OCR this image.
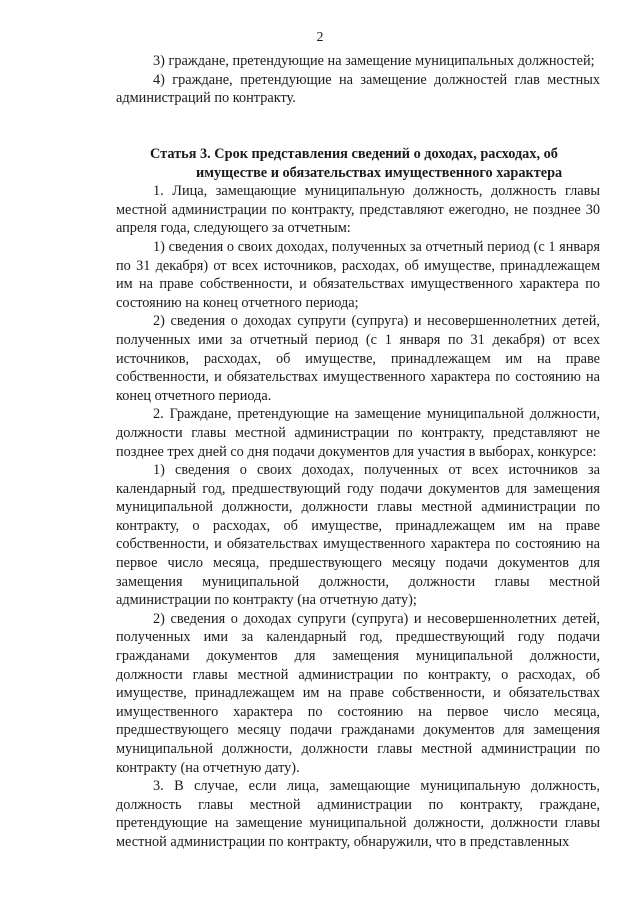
2

3) граждане, претендующие на замещение муниципальных должностей;

4) граждане, претендующие на замещение должностей глав местных администраций по контракту.

Статья 3. Срок представления сведений о доходах, расходах, об
имуществе и обязательствах имущественного характера

1. Лица, замещающие муниципальную должность, должность главы местной администрации по контракту, представляют ежегодно, не позднее 30 апреля года, следующего за отчетным:

1) сведения о своих доходах, полученных за отчетный период (с 1 января по 31 декабря) от всех источников, расходах, об имуществе, принадлежащем им на праве собственности, и обязательствах имущественного характера по состоянию на конец отчетного периода;

2) сведения о доходах супруги (супруга) и несовершеннолетних детей, полученных ими за отчетный период (с 1 января по 31 декабря) от всех источников, расходах, об имуществе, принадлежащем им на праве собственности, и обязательствах имущественного характера по состоянию на конец отчетного периода.

2. Граждане, претендующие на замещение муниципальной должности, должности главы местной администрации по контракту, представляют не позднее трех дней со дня подачи документов для участия в выборах, конкурсе:

1) сведения о своих доходах, полученных от всех источников за календарный год, предшествующий году подачи документов для замещения муниципальной должности, должности главы местной администрации по контракту, о расходах, об имуществе, принадлежащем им на праве собственности, и обязательствах имущественного характера по состоянию на первое число месяца, предшествующего месяцу подачи документов для замещения муниципальной должности, должности главы местной администрации по контракту (на отчетную дату);

2) сведения о доходах супруги (супруга) и несовершеннолетних детей, полученных ими за календарный год, предшествующий году подачи гражданами документов для замещения муниципальной должности, должности главы местной администрации по контракту, о расходах, об имуществе, принадлежащем им на праве собственности, и обязательствах имущественного характера по состоянию на первое число месяца, предшествующего месяцу подачи гражданами документов для замещения муниципальной должности, должности главы местной администрации по контракту (на отчетную дату).

3. В случае, если лица, замещающие муниципальную должность, должность главы местной администрации по контракту, граждане, претендующие на замещение муниципальной должности, должности главы местной администрации по контракту, обнаружили, что в представленных
